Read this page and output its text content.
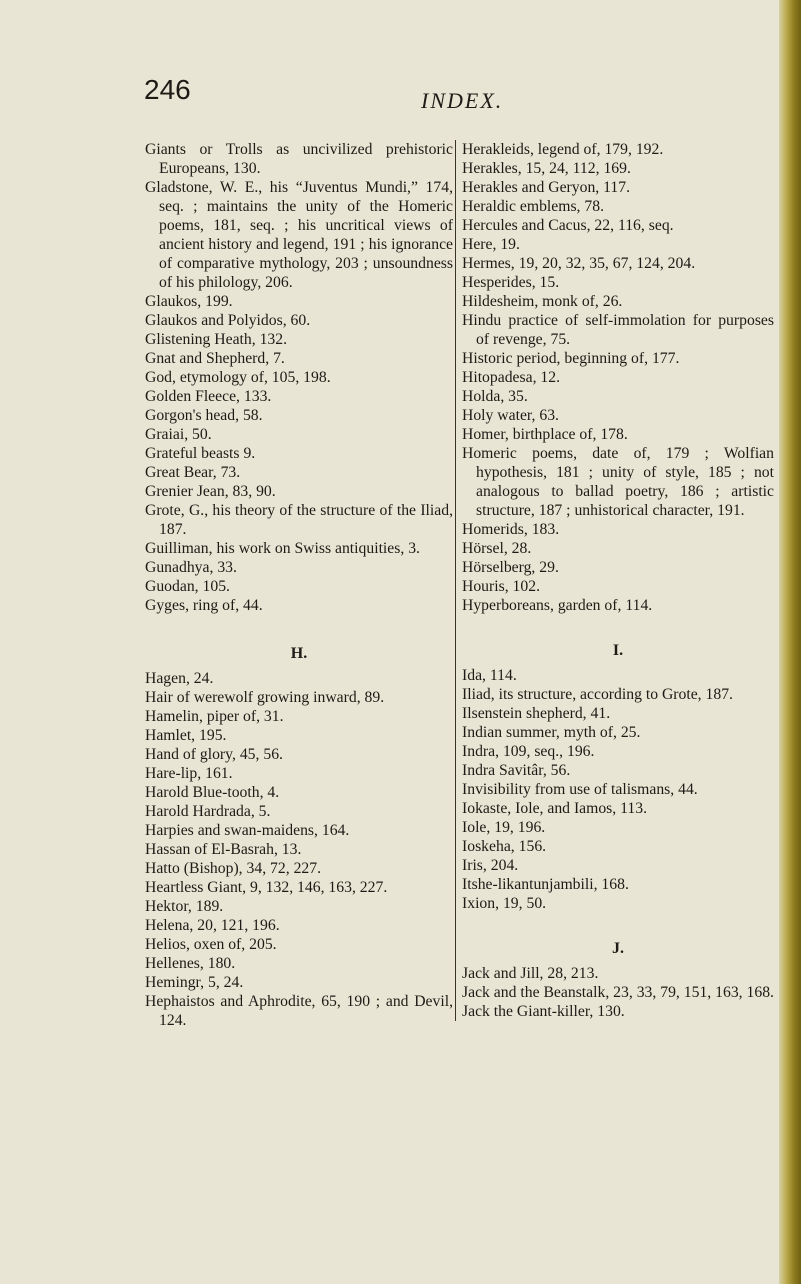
246	INDEX.

Giants or Trolls as uncivilized prehistoric Europeans, 130.

Gladstone, W. E., his “Juventus Mundi,” 174, seq. ; maintains the unity of the Homeric poems, 181, seq. ; his uncritical views of ancient history and legend, 191 ; his ignorance of comparative mythology, 203 ; unsoundness of his philology, 206.

Glaukos, 199.

Glaukos and Polyidos, 60.

Glistening Heath, 132.

Gnat and Shepherd, 7.

God, etymology of, 105, 198.

Golden Fleece, 133.

Gorgon's head, 58.

Graiai, 50.

Grateful beasts 9.

Great Bear, 73.

Grenier Jean, 83, 90.

Grote, G., his theory of the structure of the Iliad, 187.

Guilliman, his work on Swiss antiquities, 3.

Gunadhya, 33.

Guodan, 105.

Gyges, ring of, 44.

H.

Hagen, 24.

Hair of werewolf growing inward, 89.

Hamelin, piper of, 31.

Hamlet, 195.

Hand of glory, 45, 56.

Hare-lip, 161.

Harold Blue-tooth, 4.

Harold Hardrada, 5.

Harpies and swan-maidens, 164.

Hassan of El-Basrah, 13.

Hatto (Bishop), 34, 72, 227.

Heartless Giant, 9, 132, 146, 163, 227.

Hektor, 189.

Helena, 20, 121, 196.

Helios, oxen of, 205.

Hellenes, 180.

Hemingr, 5, 24.

Hephaistos and Aphrodite, 65, 190 ; and Devil, 124.

Herakleids, legend of, 179, 192.

Herakles, 15, 24, 112, 169.

Herakles and Geryon, 117.

Heraldic emblems, 78.

Hercules and Cacus, 22, 116, seq.

Here, 19.

Hermes, 19, 20, 32, 35, 67, 124, 204.

Hesperides, 15.

Hildesheim, monk of, 26.

Hindu practice of self-immolation for purposes of revenge, 75.

Historic period, beginning of, 177.

Hitopadesa, 12.

Holda, 35.

Holy water, 63.

Homer, birthplace of, 178.

Homeric poems, date of, 179 ; Wolfian hypothesis, 181 ; unity of style, 185 ; not analogous to ballad poetry, 186 ; artistic structure, 187 ; unhistorical character, 191.

Homerids, 183.

Hörsel, 28.

Hörselberg, 29.

Houris, 102.

Hyperboreans, garden of, 114.

I.

Ida, 114.

Iliad, its structure, according to Grote, 187.

Ilsenstein shepherd, 41.

Indian summer, myth of, 25.

Indra, 109, seq., 196.

Indra Savitâr, 56.

Invisibility from use of talismans, 44.

Iokaste, Iole, and Iamos, 113.

Iole, 19, 196.

Ioskeha, 156.

Iris, 204.

Itshe-likantunjambili, 168.

Ixion, 19, 50.

J.

Jack and Jill, 28, 213.

Jack and the Beanstalk, 23, 33, 79, 151, 163, 168.

Jack the Giant-killer, 130.
